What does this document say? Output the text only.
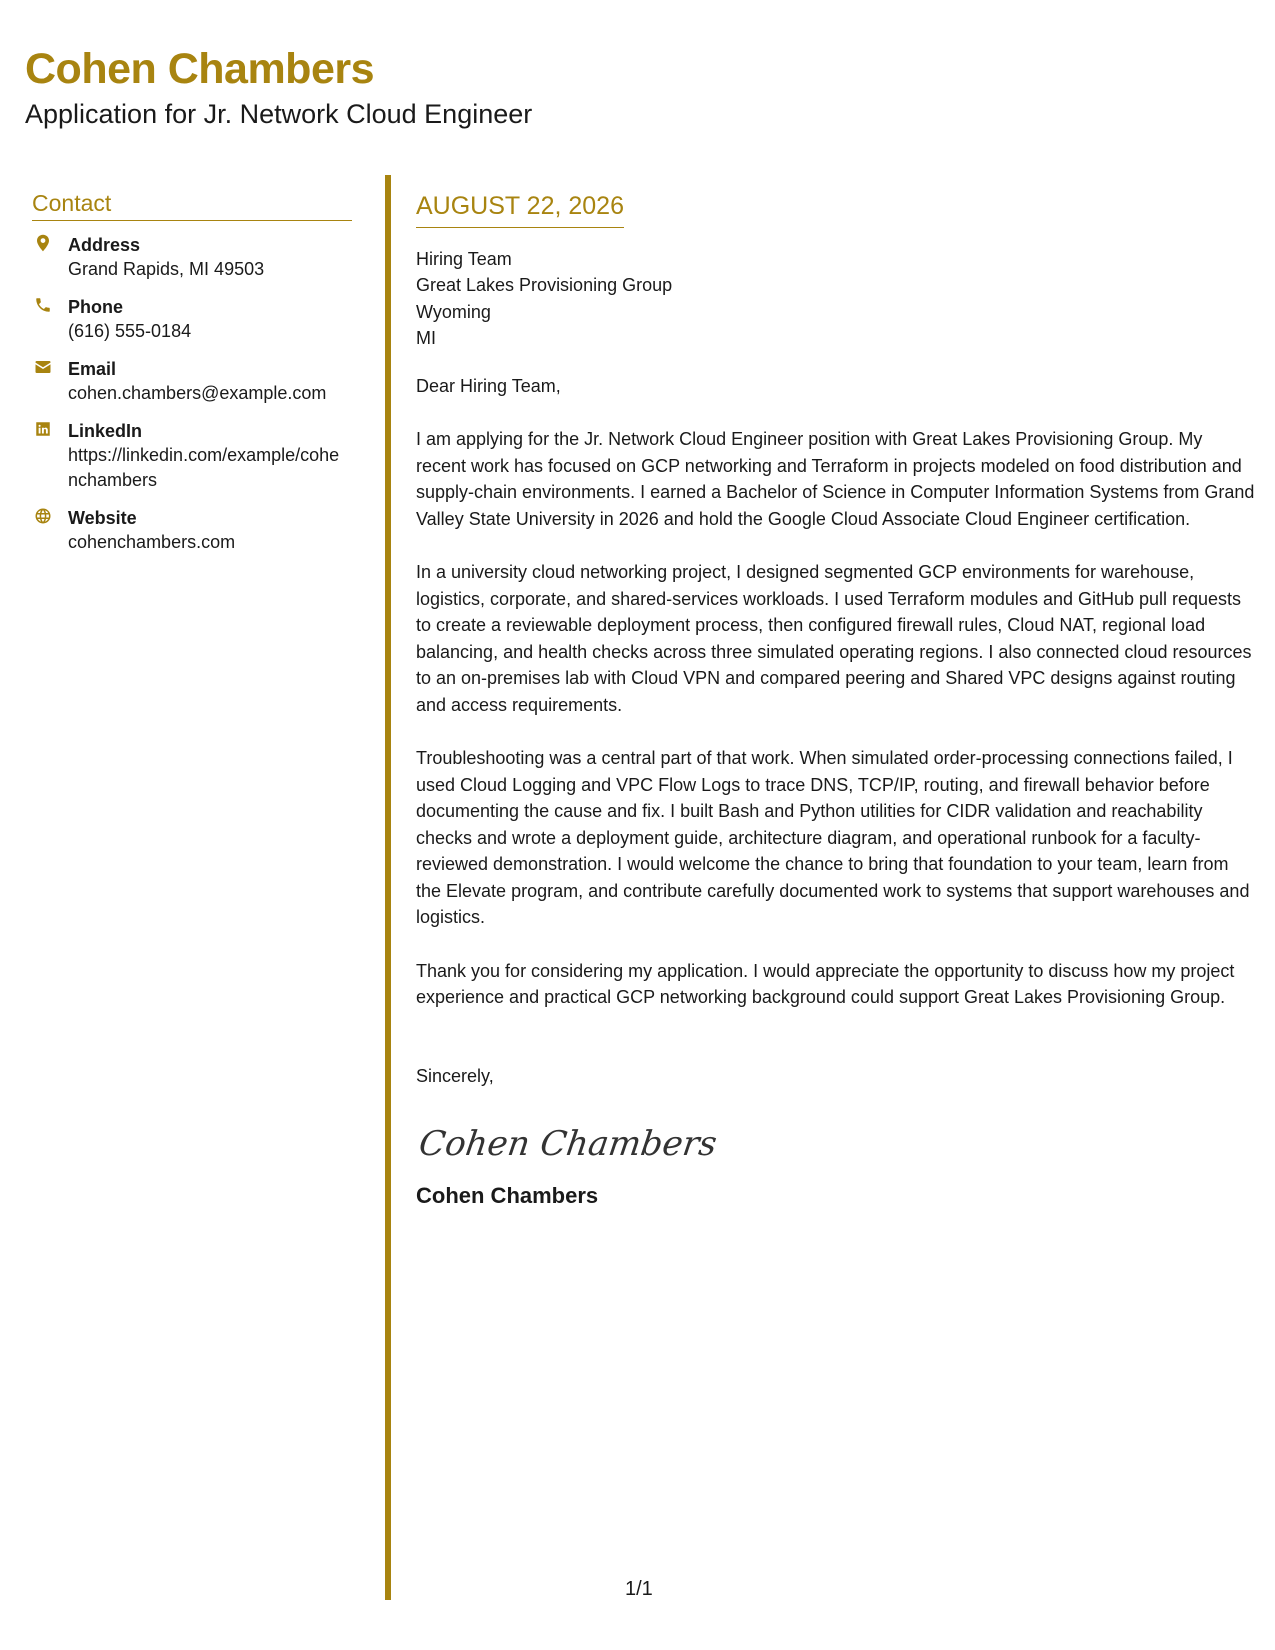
Cohen Chambers
Application for Jr. Network Cloud Engineer
Contact
Address
Grand Rapids, MI 49503
Phone
(616) 555-0184
Email
cohen.chambers@example.com
LinkedIn
https://linkedin.com/example/cohenchambers
Website
cohenchambers.com
AUGUST 22, 2026
Hiring Team
Great Lakes Provisioning Group
Wyoming
MI
Dear Hiring Team,

I am applying for the Jr. Network Cloud Engineer position with Great Lakes Provisioning Group. My recent work has focused on GCP networking and Terraform in projects modeled on food distribution and supply-chain environments. I earned a Bachelor of Science in Computer Information Systems from Grand Valley State University in 2026 and hold the Google Cloud Associate Cloud Engineer certification.

In a university cloud networking project, I designed segmented GCP environments for warehouse, logistics, corporate, and shared-services workloads. I used Terraform modules and GitHub pull requests to create a reviewable deployment process, then configured firewall rules, Cloud NAT, regional load balancing, and health checks across three simulated operating regions. I also connected cloud resources to an on-premises lab with Cloud VPN and compared peering and Shared VPC designs against routing and access requirements.

Troubleshooting was a central part of that work. When simulated order-processing connections failed, I used Cloud Logging and VPC Flow Logs to trace DNS, TCP/IP, routing, and firewall behavior before documenting the cause and fix. I built Bash and Python utilities for CIDR validation and reachability checks and wrote a deployment guide, architecture diagram, and operational runbook for a faculty-reviewed demonstration. I would welcome the chance to bring that foundation to your team, learn from the Elevate program, and contribute carefully documented work to systems that support warehouses and logistics.

Thank you for considering my application. I would appreciate the opportunity to discuss how my project experience and practical GCP networking background could support Great Lakes Provisioning Group.

Sincerely,
Cohen Chambers
Cohen Chambers
1/1
